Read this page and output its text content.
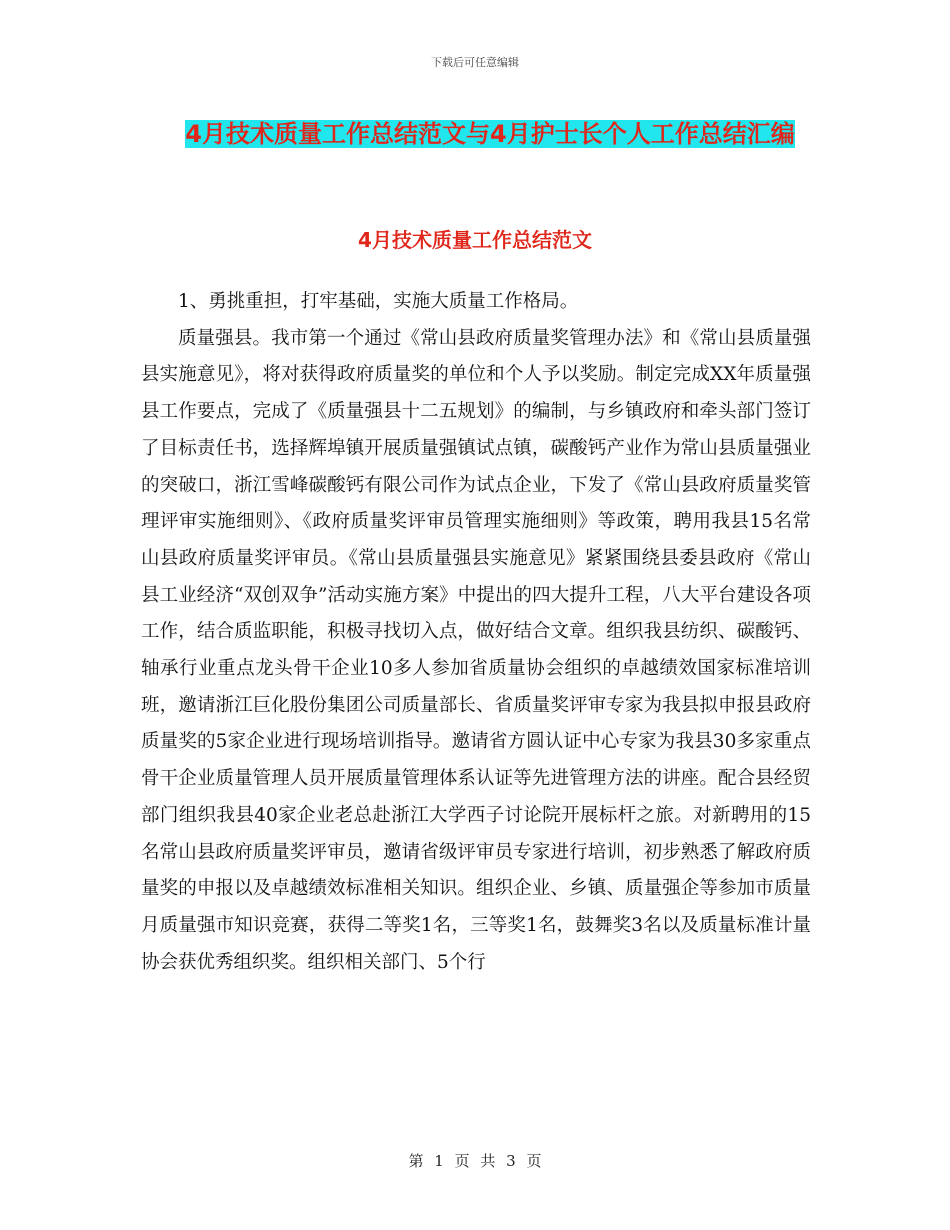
下载后可任意编辑
4月技术质量工作总结范文与4月护士长个人工作总结汇编
4月技术质量工作总结范文

1、勇挑重担，打牢基础，实施大质量工作格局。

质量强县。我市第一个通过《常山县政府质量奖管理办法》和《常山县质量强县实施意见》，将对获得政府质量奖的单位和个人予以奖励。制定完成XX年质量强县工作要点，完成了《质量强县十二五规划》的编制，与乡镇政府和牵头部门签订了目标责任书，选择辉埠镇开展质量强镇试点镇，碳酸钙产业作为常山县质量强业的突破口，浙江雪峰碳酸钙有限公司作为试点企业，下发了《常山县政府质量奖管理评审实施细则》、《政府质量奖评审员管理实施细则》等政策，聘用我县15名常山县政府质量奖评审员。《常山县质量强县实施意见》紧紧围绕县委县政府《常山县工业经济“双创双争”活动实施方案》中提出的四大提升工程，八大平台建设各项工作，结合质监职能，积极寻找切入点，做好结合文章。组织我县纺织、碳酸钙、轴承行业重点龙头骨干企业10多人参加省质量协会组织的卓越绩效国家标准培训班，邀请浙江巨化股份集团公司质量部长、省质量奖评审专家为我县拟申报县政府质量奖的5家企业进行现场培训指导。邀请省方圆认证中心专家为我县30多家重点骨干企业质量管理人员开展质量管理体系认证等先进管理方法的讲座。配合县经贸部门组织我县40家企业老总赴浙江大学西子讨论院开展标杆之旅。对新聘用的15名常山县政府质量奖评审员，邀请省级评审员专家进行培训，初步熟悉了解政府质量奖的申报以及卓越绩效标准相关知识。组织企业、乡镇、质量强企等参加市质量月质量强市知识竞赛，获得二等奖1名，三等奖1名，鼓舞奖3名以及质量标准计量协会获优秀组织奖。组织相关部门、5个行

第 1 页 共 3 页
